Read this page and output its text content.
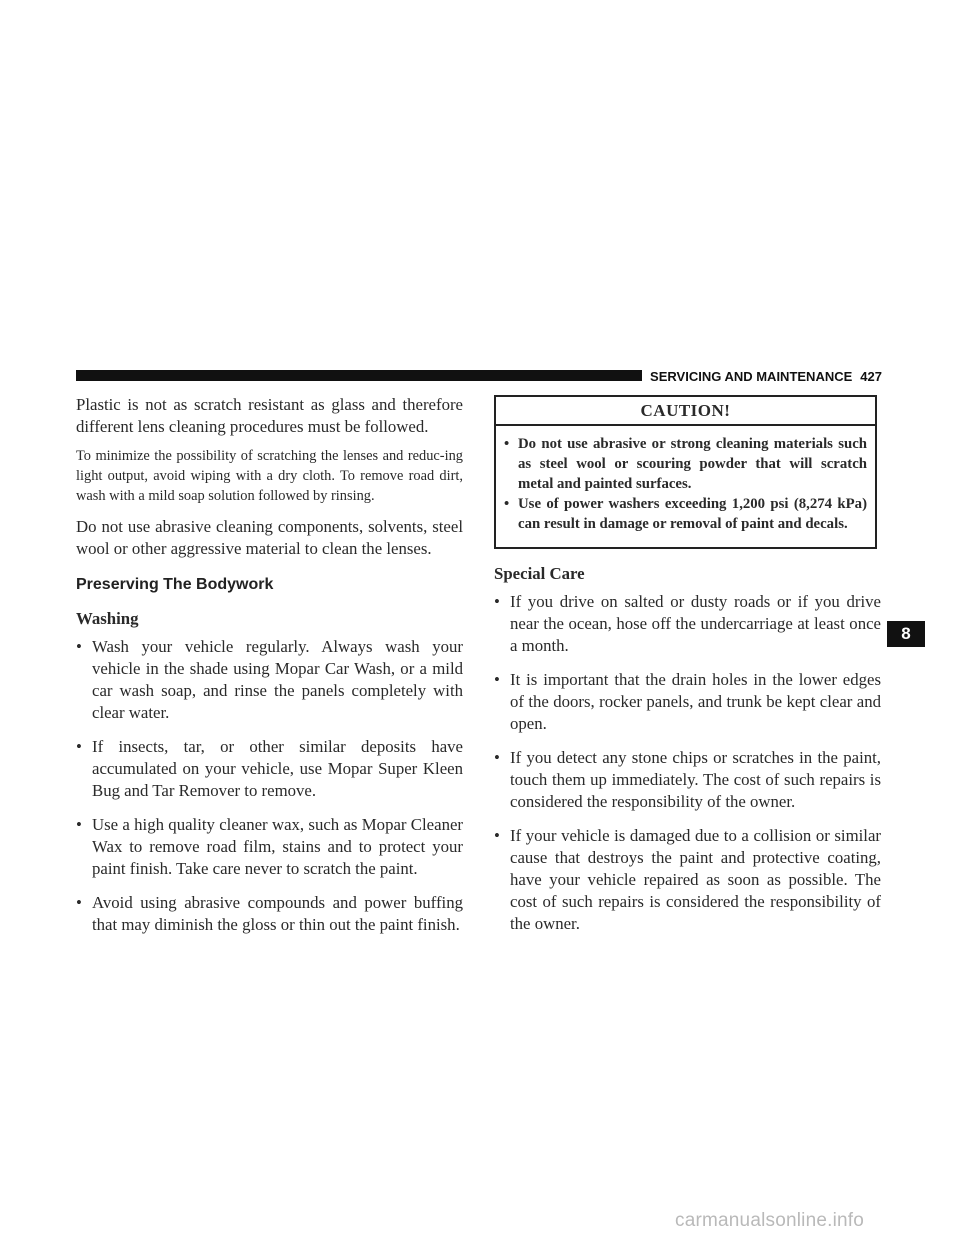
SERVICING AND MAINTENANCE 427

Plastic is not as scratch resistant as glass and therefore different lens cleaning procedures must be followed.

To minimize the possibility of scratching the lenses and reduc-ing light output, avoid wiping with a dry cloth. To remove road dirt, wash with a mild soap solution followed by rinsing.

Do not use abrasive cleaning components, solvents, steel wool or other aggressive material to clean the lenses.

Preserving The Bodywork
Washing
• Wash your vehicle regularly. Always wash your vehicle in the shade using Mopar Car Wash, or a mild car wash soap, and rinse the panels completely with clear water.
• If insects, tar, or other similar deposits have accumulated on your vehicle, use Mopar Super Kleen Bug and Tar Remover to remove.
• Use a high quality cleaner wax, such as Mopar Cleaner Wax to remove road film, stains and to protect your paint finish. Take care never to scratch the paint.
• Avoid using abrasive compounds and power buffing that may diminish the gloss or thin out the paint finish.
CAUTION!
• Do not use abrasive or strong cleaning materials such as steel wool or scouring powder that will scratch metal and painted surfaces.
• Use of power washers exceeding 1,200 psi (8,274 kPa) can result in damage or removal of paint and decals.
Special Care
• If you drive on salted or dusty roads or if you drive near the ocean, hose off the undercarriage at least once a month.
• It is important that the drain holes in the lower edges of the doors, rocker panels, and trunk be kept clear and open.
• If you detect any stone chips or scratches in the paint, touch them up immediately. The cost of such repairs is considered the responsibility of the owner.
• If your vehicle is damaged due to a collision or similar cause that destroys the paint and protective coating, have your vehicle repaired as soon as possible. The cost of such repairs is considered the responsibility of the owner.
8
carmanualsonline.info
